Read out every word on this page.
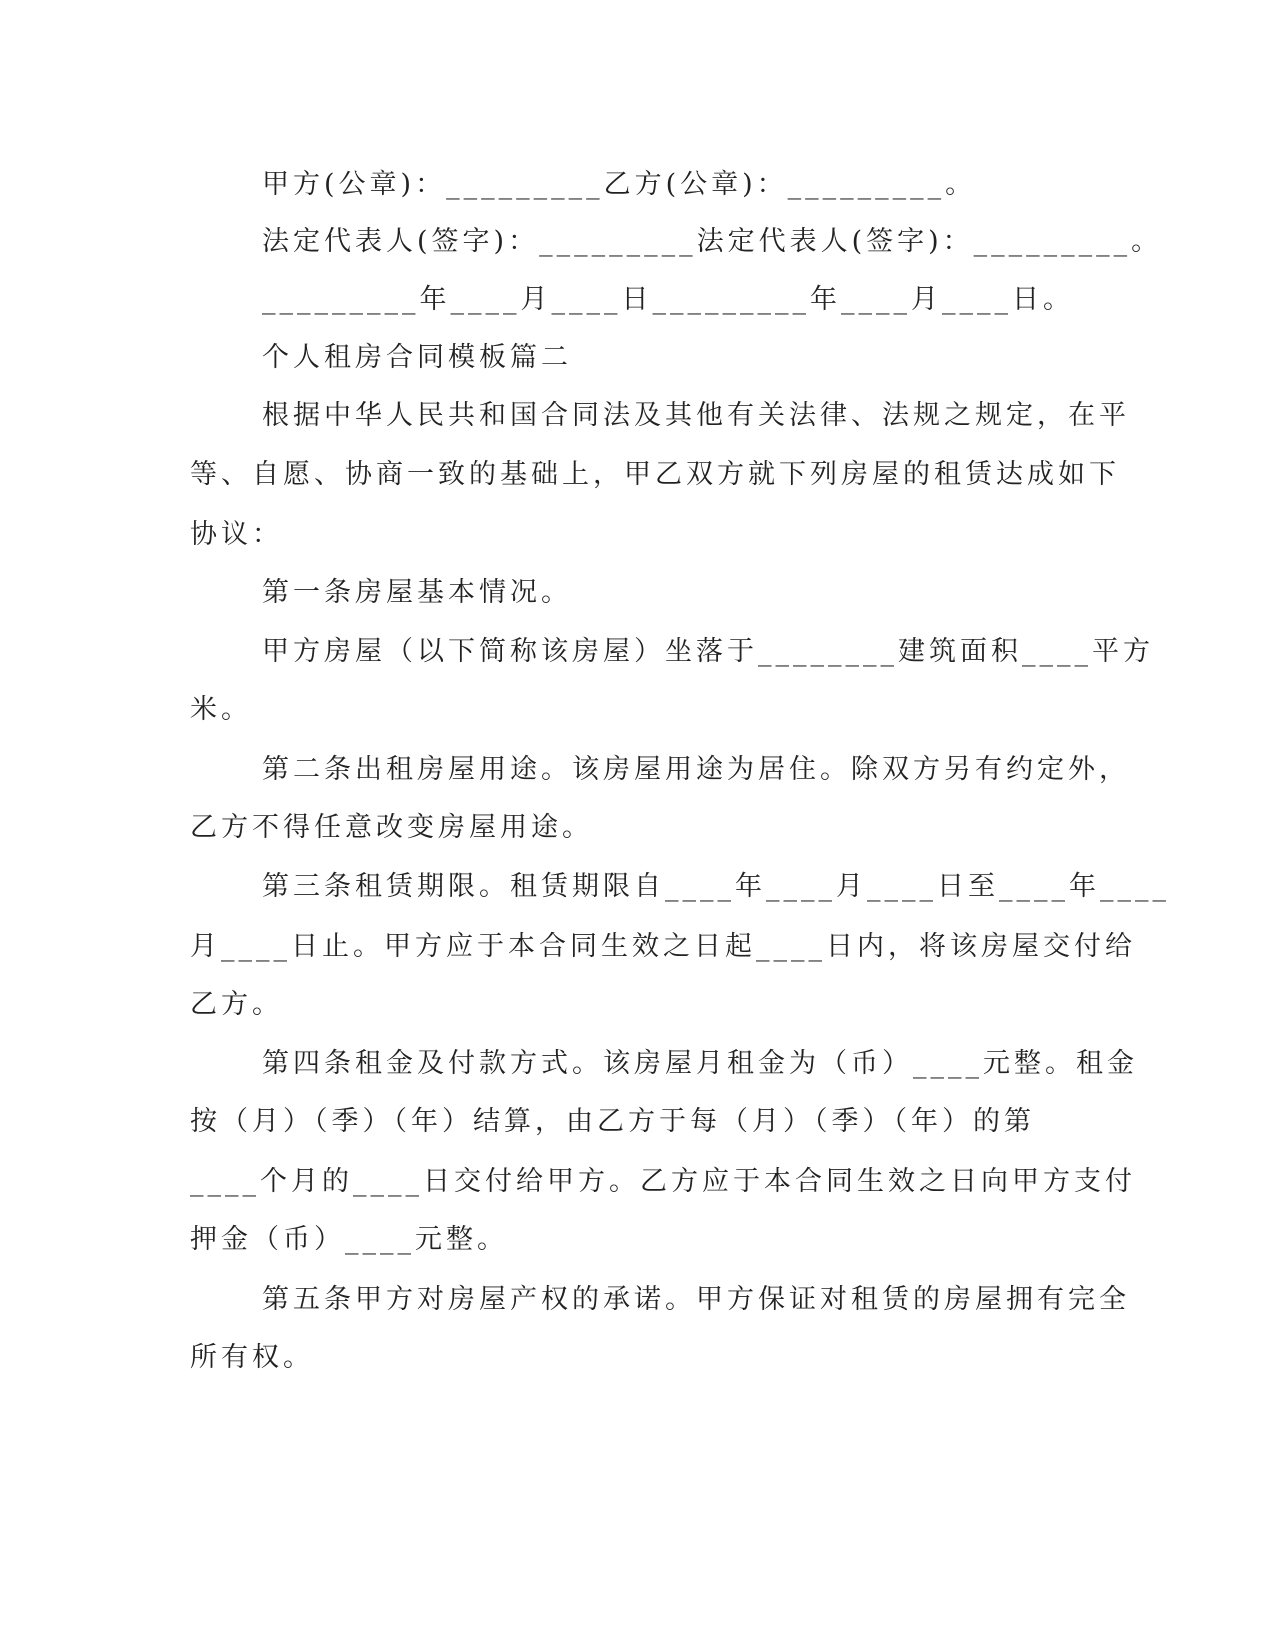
甲方(公章)：_________乙方(公章)：_________。
法定代表人(签字)：_________法定代表人(签字)：_________。
_________年____月____日_________年____月____日。
个人租房合同模板篇二
根据中华人民共和国合同法及其他有关法律、法规之规定，在平
等、自愿、协商一致的基础上，甲乙双方就下列房屋的租赁达成如下
协议：
第一条房屋基本情况。
甲方房屋（以下简称该房屋）坐落于________建筑面积____平方
米。
第二条出租房屋用途。该房屋用途为居住。除双方另有约定外，
乙方不得任意改变房屋用途。
第三条租赁期限。租赁期限自____年____月____日至____年____
月____日止。甲方应于本合同生效之日起____日内，将该房屋交付给
乙方。
第四条租金及付款方式。该房屋月租金为（币）____元整。租金
按（月）（季）（年）结算，由乙方于每（月）（季）（年）的第
____个月的____日交付给甲方。乙方应于本合同生效之日向甲方支付
押金（币）____元整。
第五条甲方对房屋产权的承诺。甲方保证对租赁的房屋拥有完全
所有权。
